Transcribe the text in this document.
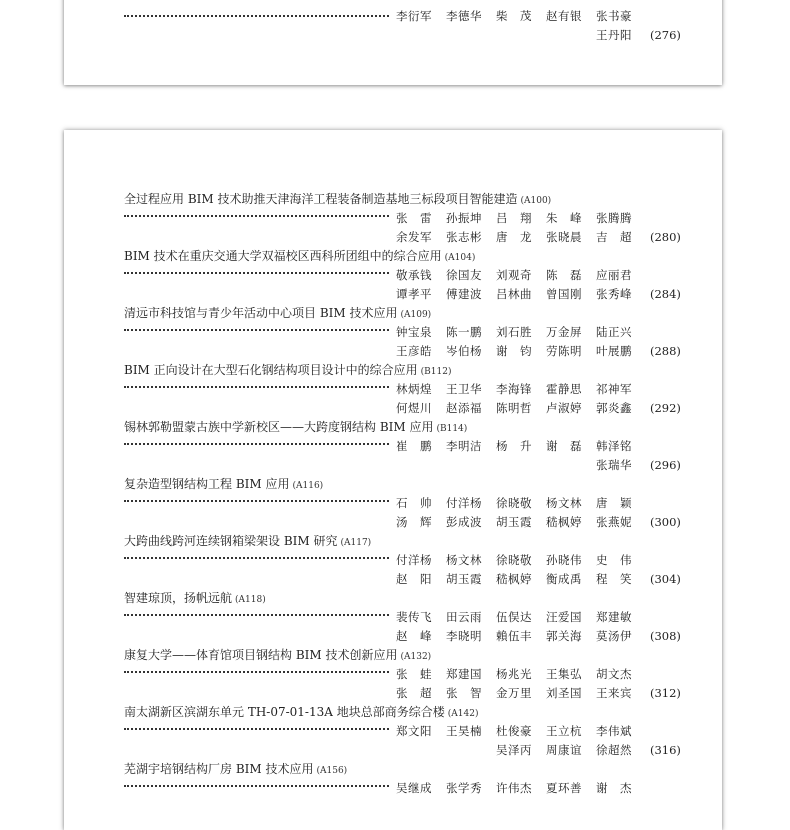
李衍军 李德华 柴　茂 赵有银 张书豪
王丹阳	(276)
全过程应用 BIM 技术助推天津海洋工程装备制造基地三标段项目智能建造 (A100)
张　雷 孙振坤 吕　翔 朱　峰 张腾腾
余发军 张志彬 唐　龙 张晓晨 吉　超	(280)
BIM 技术在重庆交通大学双福校区西科所团组中的综合应用 (A104)
敬承钱 徐国友 刘观奇 陈　磊 应丽君
谭孝平 傅建波 吕林曲 曾国刚 张秀峰	(284)
清远市科技馆与青少年活动中心项目 BIM 技术应用 (A109)
钟宝泉 陈一鹏 刘石胜 万金屏 陆正兴
王彦皓 岑伯杨 谢　钧 劳陈明 叶展鹏	(288)
BIM 正向设计在大型石化钢结构项目设计中的综合应用 (B112)
林炳煌 王卫华 李海锋 霍静思 祁神军
何煜川 赵添福 陈明哲 卢淑婷 郭炎鑫	(292)
锡林郭勒盟蒙古族中学新校区——大跨度钢结构 BIM 应用 (B114)
崔　鹏 李明洁 杨　升 谢　磊 韩泽铭
张瑞华	(296)
复杂造型钢结构工程 BIM 应用 (A116)
石　帅 付洋杨 徐晓敬 杨文林 唐　颖
汤　辉 彭成波 胡玉霞 嵇枫婷 张燕妮	(300)
大跨曲线跨河连续钢箱梁架设 BIM 研究 (A117)
付洋杨 杨文林 徐晓敬 孙晓伟 史　伟
赵　阳 胡玉霞 嵇枫婷 衡成禹 程　笑	(304)
智建琼顶，扬帆远航 (A118)
裴传飞 田云雨 伍俣达 汪爱国 郑建敏
赵　峰 李晓明 賴伍丰 郭关海 莫汤伊	(308)
康复大学——体育馆项目钢结构 BIM 技术创新应用 (A132)
张　蛙 郑建国 杨兆光 王集弘 胡文杰
张　超 张　智 金万里 刘圣国 王来宾	(312)
南太湖新区滨湖东单元 TH-07-01-13A 地块总部商务综合楼 (A142)
郑文阳 王昊楠 杜俊豪 王立杭 李伟斌
吴泽丙 周康谊 徐超然	(316)
芜湖宇培钢结构厂房 BIM 技术应用 (A156)
吴继成 张学秀 许伟杰 夏环善 谢　杰
